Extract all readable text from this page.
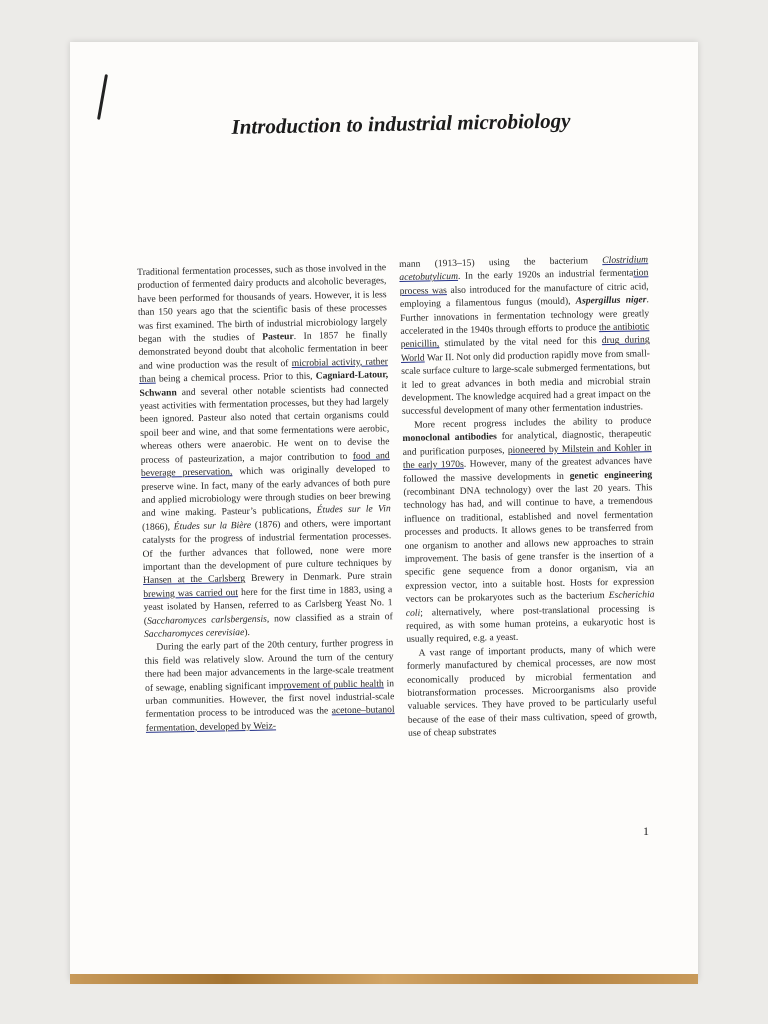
Introduction to industrial microbiology

Traditional fermentation processes, such as those involved in the production of fermented dairy products and alcoholic beverages, have been performed for thousands of years. However, it is less than 150 years ago that the scientific basis of these processes was first examined. The birth of industrial microbiology largely began with the studies of Pasteur. In 1857 he finally demonstrated beyond doubt that alcoholic fermentation in beer and wine production was the result of microbial activity, rather than being a chemical process. Prior to this, Cagniard-Latour, Schwann and several other notable scientists had connected yeast activities with fermentation processes, but they had largely been ignored. Pasteur also noted that certain organisms could spoil beer and wine, and that some fermentations were aerobic, whereas others were anaerobic. He went on to devise the process of pasteurization, a major contribution to food and beverage preservation, which was originally developed to preserve wine. In fact, many of the early advances of both pure and applied microbiology were through studies on beer brewing and wine making. Pasteur’s publications, Études sur le Vin (1866), Études sur la Bière (1876) and others, were important catalysts for the progress of industrial fermentation processes. Of the further advances that followed, none were more important than the development of pure culture techniques by Hansen at the Carlsberg Brewery in Denmark. Pure strain brewing was carried out here for the first time in 1883, using a yeast isolated by Hansen, referred to as Carlsberg Yeast No. 1 (Saccharomyces carlsbergensis, now classified as a strain of Saccharomyces cerevisiae).

During the early part of the 20th century, further progress in this field was relatively slow. Around the turn of the century there had been major advancements in the large-scale treatment of sewage, enabling significant improvement of public health in urban communities. However, the first novel industrial-scale fermentation process to be introduced was the acetone–butanol fermentation, developed by Weiz-

mann (1913–15) using the bacterium Clostridium acetobutylicum. In the early 1920s an industrial fermentation process was also introduced for the manufacture of citric acid, employing a filamentous fungus (mould), Aspergillus niger. Further innovations in fermentation technology were greatly accelerated in the 1940s through efforts to produce the antibiotic penicillin, stimulated by the vital need for this drug during World War II. Not only did production rapidly move from small-scale surface culture to large-scale submerged fermentations, but it led to great advances in both media and microbial strain development. The knowledge acquired had a great impact on the successful development of many other fermentation industries.

More recent progress includes the ability to produce monoclonal antibodies for analytical, diagnostic, therapeutic and purification purposes, pioneered by Milstein and Kohler in the early 1970s. However, many of the greatest advances have followed the massive developments in genetic engineering (recombinant DNA technology) over the last 20 years. This technology has had, and will continue to have, a tremendous influence on traditional, established and novel fermentation processes and products. It allows genes to be transferred from one organism to another and allows new approaches to strain improvement. The basis of gene transfer is the insertion of a specific gene sequence from a donor organism, via an expression vector, into a suitable host. Hosts for expression vectors can be prokaryotes such as the bacterium Escherichia coli; alternatively, where post-translational processing is required, as with some human proteins, a eukaryotic host is usually required, e.g. a yeast.

A vast range of important products, many of which were formerly manufactured by chemical processes, are now most economically produced by microbial fermentation and biotransformation processes. Microorganisms also provide valuable services. They have proved to be particularly useful because of the ease of their mass cultivation, speed of growth, use of cheap substrates

1
